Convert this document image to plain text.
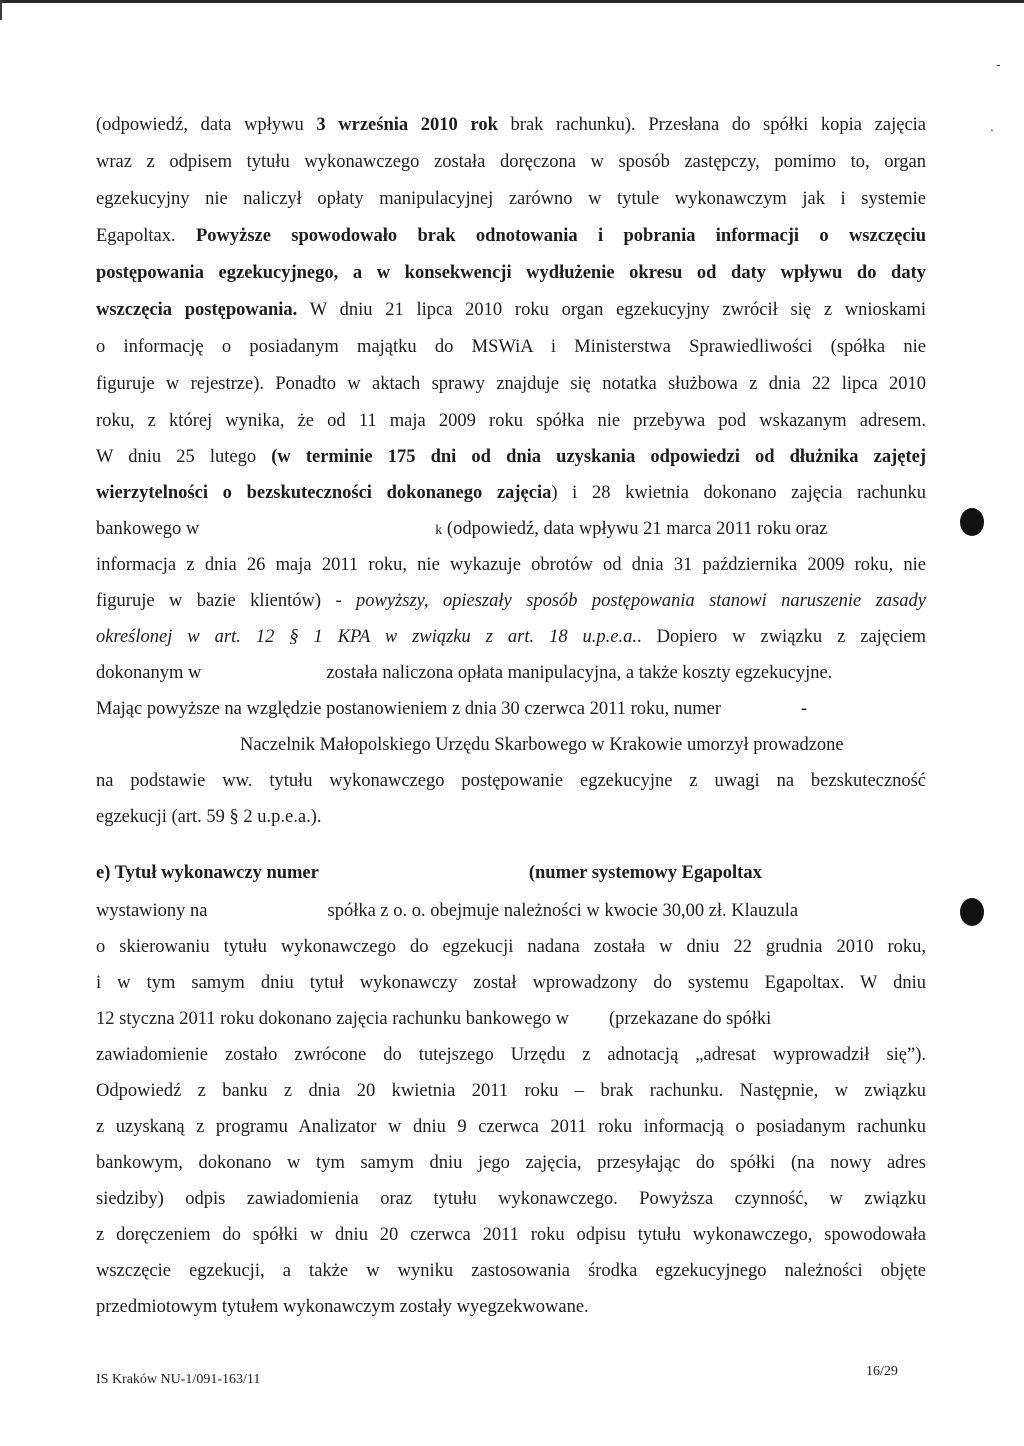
-
.
(odpowiedź, data wpływu 3 września 2010 rok brak rachunku). Przesłana do spółki kopia zajęcia
wraz z odpisem tytułu wykonawczego została doręczona w sposób zastępczy, pomimo to, organ
egzekucyjny nie naliczył opłaty manipulacyjnej zarówno w tytule wykonawczym jak i systemie
Egapoltax. Powyższe spowodowało brak odnotowania i pobrania informacji o wszczęciu
postępowania egzekucyjnego, a w konsekwencji wydłużenie okresu od daty wpływu do daty
wszczęcia postępowania. W dniu 21 lipca 2010 roku organ egzekucyjny zwrócił się z wnioskami
o informację o posiadanym majątku do MSWiA i Ministerstwa Sprawiedliwości (spółka nie
figuruje w rejestrze). Ponadto w aktach sprawy znajduje się notatka służbowa z dnia 22 lipca 2010
roku, z której wynika, że od 11 maja 2009 roku spółka nie przebywa pod wskazanym adresem.
W dniu 25 lutego (w terminie 175 dni od dnia uzyskania odpowiedzi od dłużnika zajętej
wierzytelności o bezskuteczności dokonanego zajęcia) i 28 kwietnia dokonano zajęcia rachunku
bankowego w	k (odpowiedź, data wpływu 21 marca 2011 roku oraz
informacja z dnia 26 maja 2011 roku, nie wykazuje obrotów od dnia 31 października 2009 roku, nie
figuruje w bazie klientów) - powyższy, opieszały sposób postępowania stanowi naruszenie zasady
określonej w art. 12 § 1 KPA w związku z art. 18 u.p.e.a.. Dopiero w związku z zajęciem
dokonanym w	została naliczona opłata manipulacyjna, a także koszty egzekucyjne.
Mając powyższe na względzie postanowieniem z dnia 30 czerwca 2011 roku, numer	-
Naczelnik Małopolskiego Urzędu Skarbowego w Krakowie umorzył prowadzone
na podstawie ww. tytułu wykonawczego postępowanie egzekucyjne z uwagi na bezskuteczność
egzekucji (art. 59 § 2 u.p.e.a.).
e) Tytuł wykonawczy numer	(numer systemowy Egapoltax
wystawiony na	spółka z o. o. obejmuje należności w kwocie 30,00 zł. Klauzula
o skierowaniu tytułu wykonawczego do egzekucji nadana została w dniu 22 grudnia 2010 roku,
i w tym samym dniu tytuł wykonawczy został wprowadzony do systemu Egapoltax. W dniu
12 styczna 2011 roku dokonano zajęcia rachunku bankowego w (przekazane do spółki
zawiadomienie zostało zwrócone do tutejszego Urzędu z adnotacją „adresat wyprowadził się”).
Odpowiedź z banku z dnia 20 kwietnia 2011 roku – brak rachunku. Następnie, w związku
z uzyskaną z programu Analizator w dniu 9 czerwca 2011 roku informacją o posiadanym rachunku
bankowym, dokonano w tym samym dniu jego zajęcia, przesyłając do spółki (na nowy adres
siedziby) odpis zawiadomienia oraz tytułu wykonawczego. Powyższa czynność, w związku
z doręczeniem do spółki w dniu 20 czerwca 2011 roku odpisu tytułu wykonawczego, spowodowała
wszczęcie egzekucji, a także w wyniku zastosowania środka egzekucyjnego należności objęte
przedmiotowym tytułem wykonawczym zostały wyegzekwowane.
IS Kraków NU-1/091-163/11
16/29
